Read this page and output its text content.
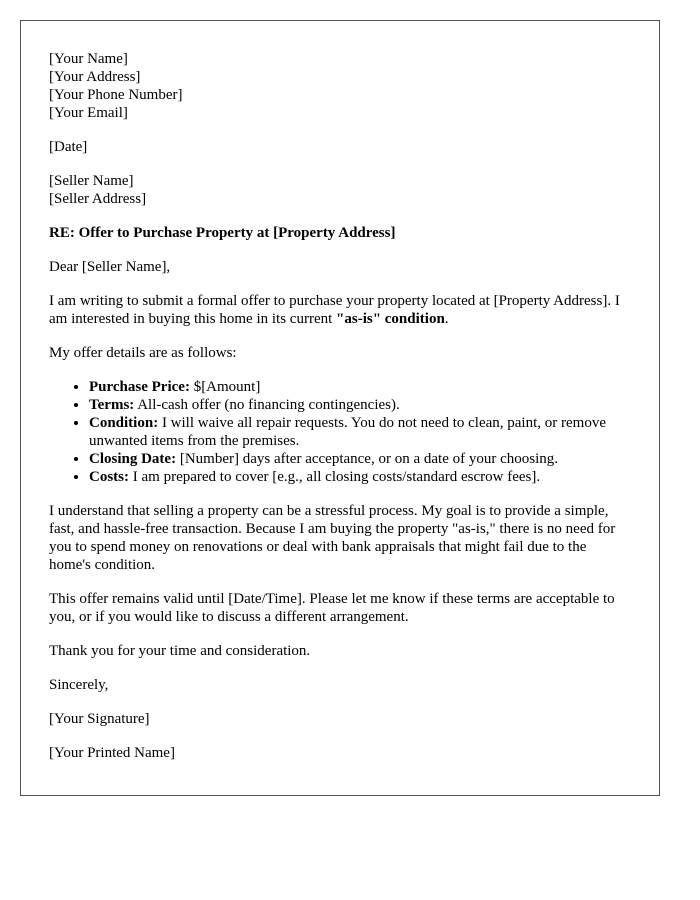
[Your Name]
[Your Address]
[Your Phone Number]
[Your Email]

[Date]

[Seller Name]
[Seller Address]

RE: Offer to Purchase Property at [Property Address]

Dear [Seller Name],

I am writing to submit a formal offer to purchase your property located at [Property Address]. I am interested in buying this home in its current "as-is" condition.

My offer details are as follows:

• Purchase Price: $[Amount]
• Terms: All-cash offer (no financing contingencies).
• Condition: I will waive all repair requests. You do not need to clean, paint, or remove unwanted items from the premises.
• Closing Date: [Number] days after acceptance, or on a date of your choosing.
• Costs: I am prepared to cover [e.g., all closing costs/standard escrow fees].

I understand that selling a property can be a stressful process. My goal is to provide a simple, fast, and hassle-free transaction. Because I am buying the property "as-is," there is no need for you to spend money on renovations or deal with bank appraisals that might fail due to the home's condition.

This offer remains valid until [Date/Time]. Please let me know if these terms are acceptable to you, or if you would like to discuss a different arrangement.

Thank you for your time and consideration.

Sincerely,

[Your Signature]

[Your Printed Name]
